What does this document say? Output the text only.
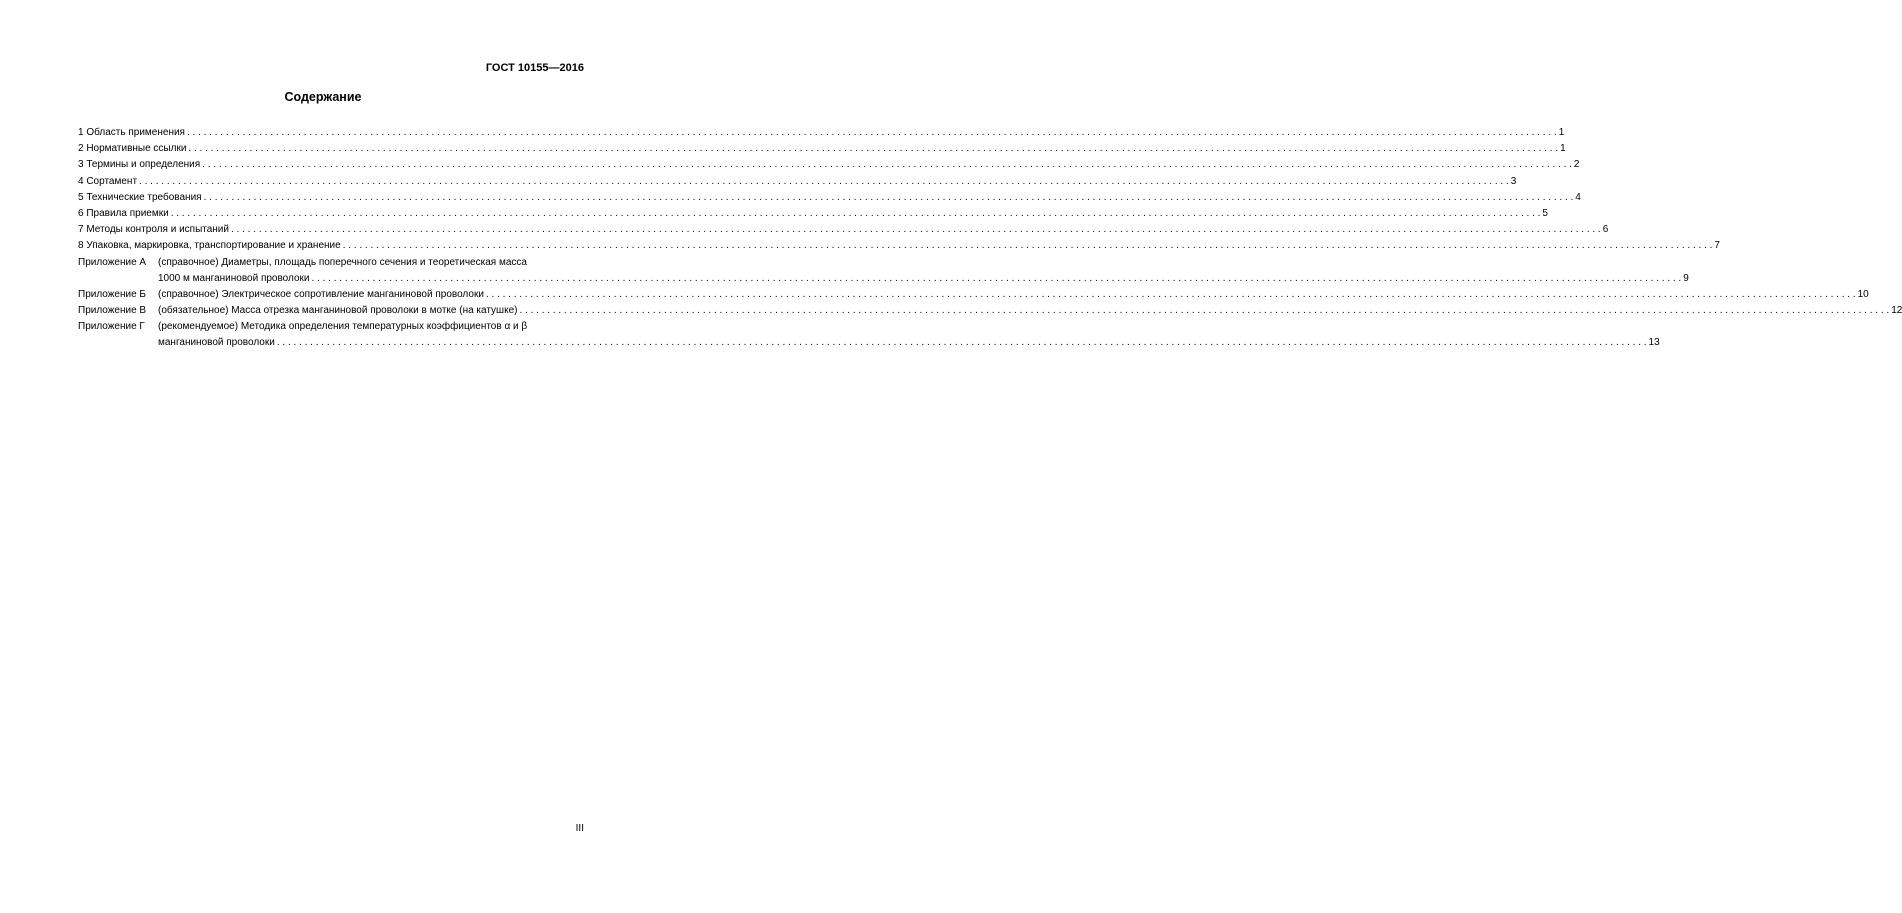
ГОСТ 10155—2016
Содержание
1 Область применения . . .	1
2 Нормативные ссылки . . .	1
3 Термины и определения . . .	2
4 Сортамент . . .	3
5 Технические требования . . .	4
6 Правила приемки . . .	5
7 Методы контроля и испытаний . . .	6
8 Упаковка, маркировка, транспортирование и хранение . . .	7
Приложение А	(справочное) Диаметры, площадь поперечного сечения и теоретическая масса
1000 м манганиновой проволоки . . .	9
Приложение Б	(справочное) Электрическое сопротивление манганиновой проволоки . . .	10
Приложение В	(обязательное) Масса отрезка манганиновой проволоки в мотке (на катушке) . . .	12
Приложение Г	(рекомендуемое) Методика определения температурных коэффициентов α и β
манганиновой проволоки . . .	13
III
